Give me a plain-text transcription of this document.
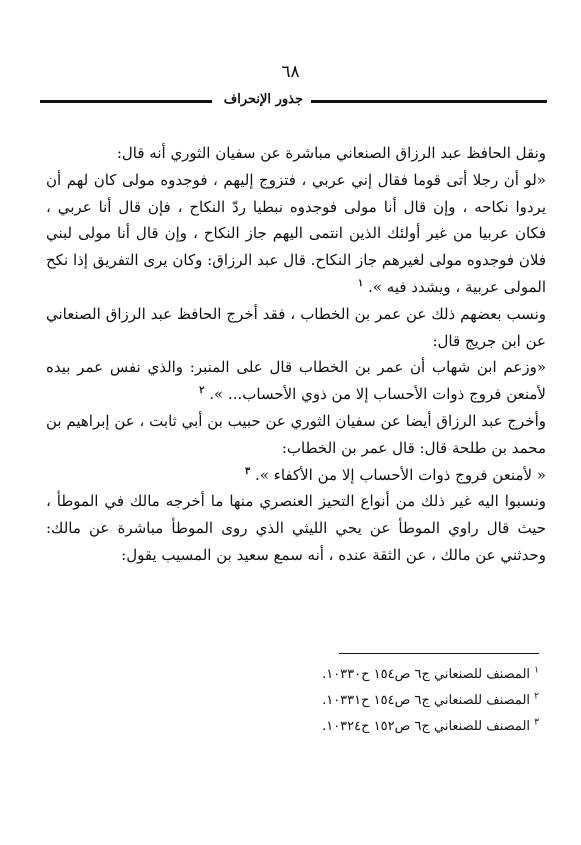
٦٨
جذور الإنحراف

ونقل الحافظ عبد الرزاق الصنعاني مباشرة عن سفيان الثوري أنه قال:

«لو أن رجلا أتى قوما فقال إني عربي ، فتزوج إليهم ، فوجدوه مولى كان لهم أن يردوا نكاحه ، وإن قال أنا مولى فوجدوه نبطيا ردّ النكاح ، فإن قال أنا عربي ، فكان عربيا من غير أولئك الذين انتمى اليهم جاز النكاح ، وإن قال أنا مولى لبني فلان فوجدوه مولى لغيرهم جاز النكاح. قال عبد الرزاق: وكان يرى التفريق إذا نكح المولى عربية ، ويشدد فيه ». $^١$

ونسب بعضهم ذلك عن عمر بن الخطاب ، فقد أخرج الحافظ عبد الرزاق الصنعاني عن ابن جريج قال:

«وزعم ابن شهاب أن عمر بن الخطاب قال على المنبر: والذي نفس عمر بيده لأمنعن فروج ذوات الأحساب إلا من ذوي الأحساب... ». $^٢$

وأخرج عبد الرزاق أيضا عن سفيان الثوري عن حبيب بن أبي ثابت ، عن إبراهيم بن محمد بن طلحة قال: قال عمر بن الخطاب:

« لأمنعن فروج ذوات الأحساب إلا من الأكفاء ». $^٣$

ونسبوا اليه غير ذلك من أنواع التحيز العنصري منها ما أخرجه مالك في الموطأ ، حيث قال راوي الموطأ عن يحي الليثي الذي روى الموطأ مباشرة عن مالك: وحدثني عن مالك ، عن الثقة عنده ، أنه سمع سعيد بن المسيب يقول:

$^١$ المصنف للصنعاني ج٦ ص١٥٤ ح١٠٣٣٠.

$^٢$ المصنف للصنعاني ج٦ ص١٥٤ ح١٠٣٣١.

$^٣$ المصنف للصنعاني ج٦ ص١٥٢ ح١٠٣٢٤.
